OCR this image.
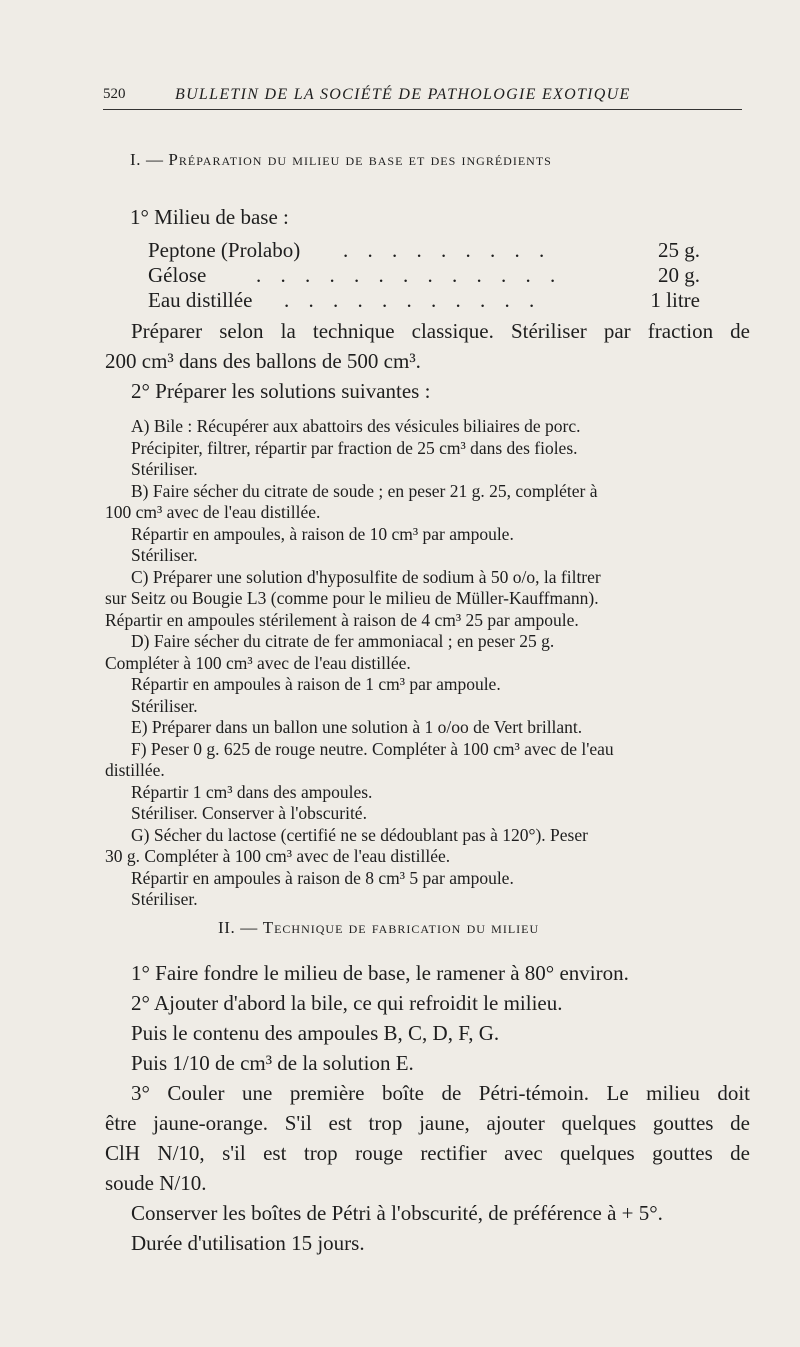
520	BULLETIN DE LA SOCIÉTÉ DE PATHOLOGIE EXOTIQUE
I. — Préparation du milieu de base et des ingrédients
1° Milieu de base :
Peptone (Prolabo) . . . . . . . . .	25 g.
Gélose . . . . . . . . . . . . .	20 g.
Eau distillée . . . . . . . . . . .	1 litre
Préparer selon la technique classique. Stériliser par fraction de
200 cm³ dans des ballons de 500 cm³.
2° Préparer les solutions suivantes :
A) Bile : Récupérer aux abattoirs des vésicules biliaires de porc.
Précipiter, filtrer, répartir par fraction de 25 cm³ dans des fioles.
Stériliser.
B) Faire sécher du citrate de soude ; en peser 21 g. 25, compléter à
100 cm³ avec de l'eau distillée.
Répartir en ampoules, à raison de 10 cm³ par ampoule.
Stériliser.
C) Préparer une solution d'hyposulfite de sodium à 50 o/o, la filtrer
sur Seitz ou Bougie L3 (comme pour le milieu de Müller-Kauffmann).
Répartir en ampoules stérilement à raison de 4 cm³ 25 par ampoule.
D) Faire sécher du citrate de fer ammoniacal ; en peser 25 g.
Compléter à 100 cm³ avec de l'eau distillée.
Répartir en ampoules à raison de 1 cm³ par ampoule.
Stériliser.
E) Préparer dans un ballon une solution à 1 o/oo de Vert brillant.
F) Peser 0 g. 625 de rouge neutre. Compléter à 100 cm³ avec de l'eau
distillée.
Répartir 1 cm³ dans des ampoules.
Stériliser. Conserver à l'obscurité.
G) Sécher du lactose (certifié ne se dédoublant pas à 120°). Peser
30 g. Compléter à 100 cm³ avec de l'eau distillée.
Répartir en ampoules à raison de 8 cm³ 5 par ampoule.
Stériliser.
II. — Technique de fabrication du milieu
1° Faire fondre le milieu de base, le ramener à 80° environ.
2° Ajouter d'abord la bile, ce qui refroidit le milieu.
Puis le contenu des ampoules B, C, D, F, G.
Puis 1/10 de cm³ de la solution E.
3° Couler une première boîte de Pétri-témoin. Le milieu doit
être jaune-orange. S'il est trop jaune, ajouter quelques gouttes de
ClH N/10, s'il est trop rouge rectifier avec quelques gouttes de
soude N/10.
Conserver les boîtes de Pétri à l'obscurité, de préférence à + 5°.
Durée d'utilisation 15 jours.
